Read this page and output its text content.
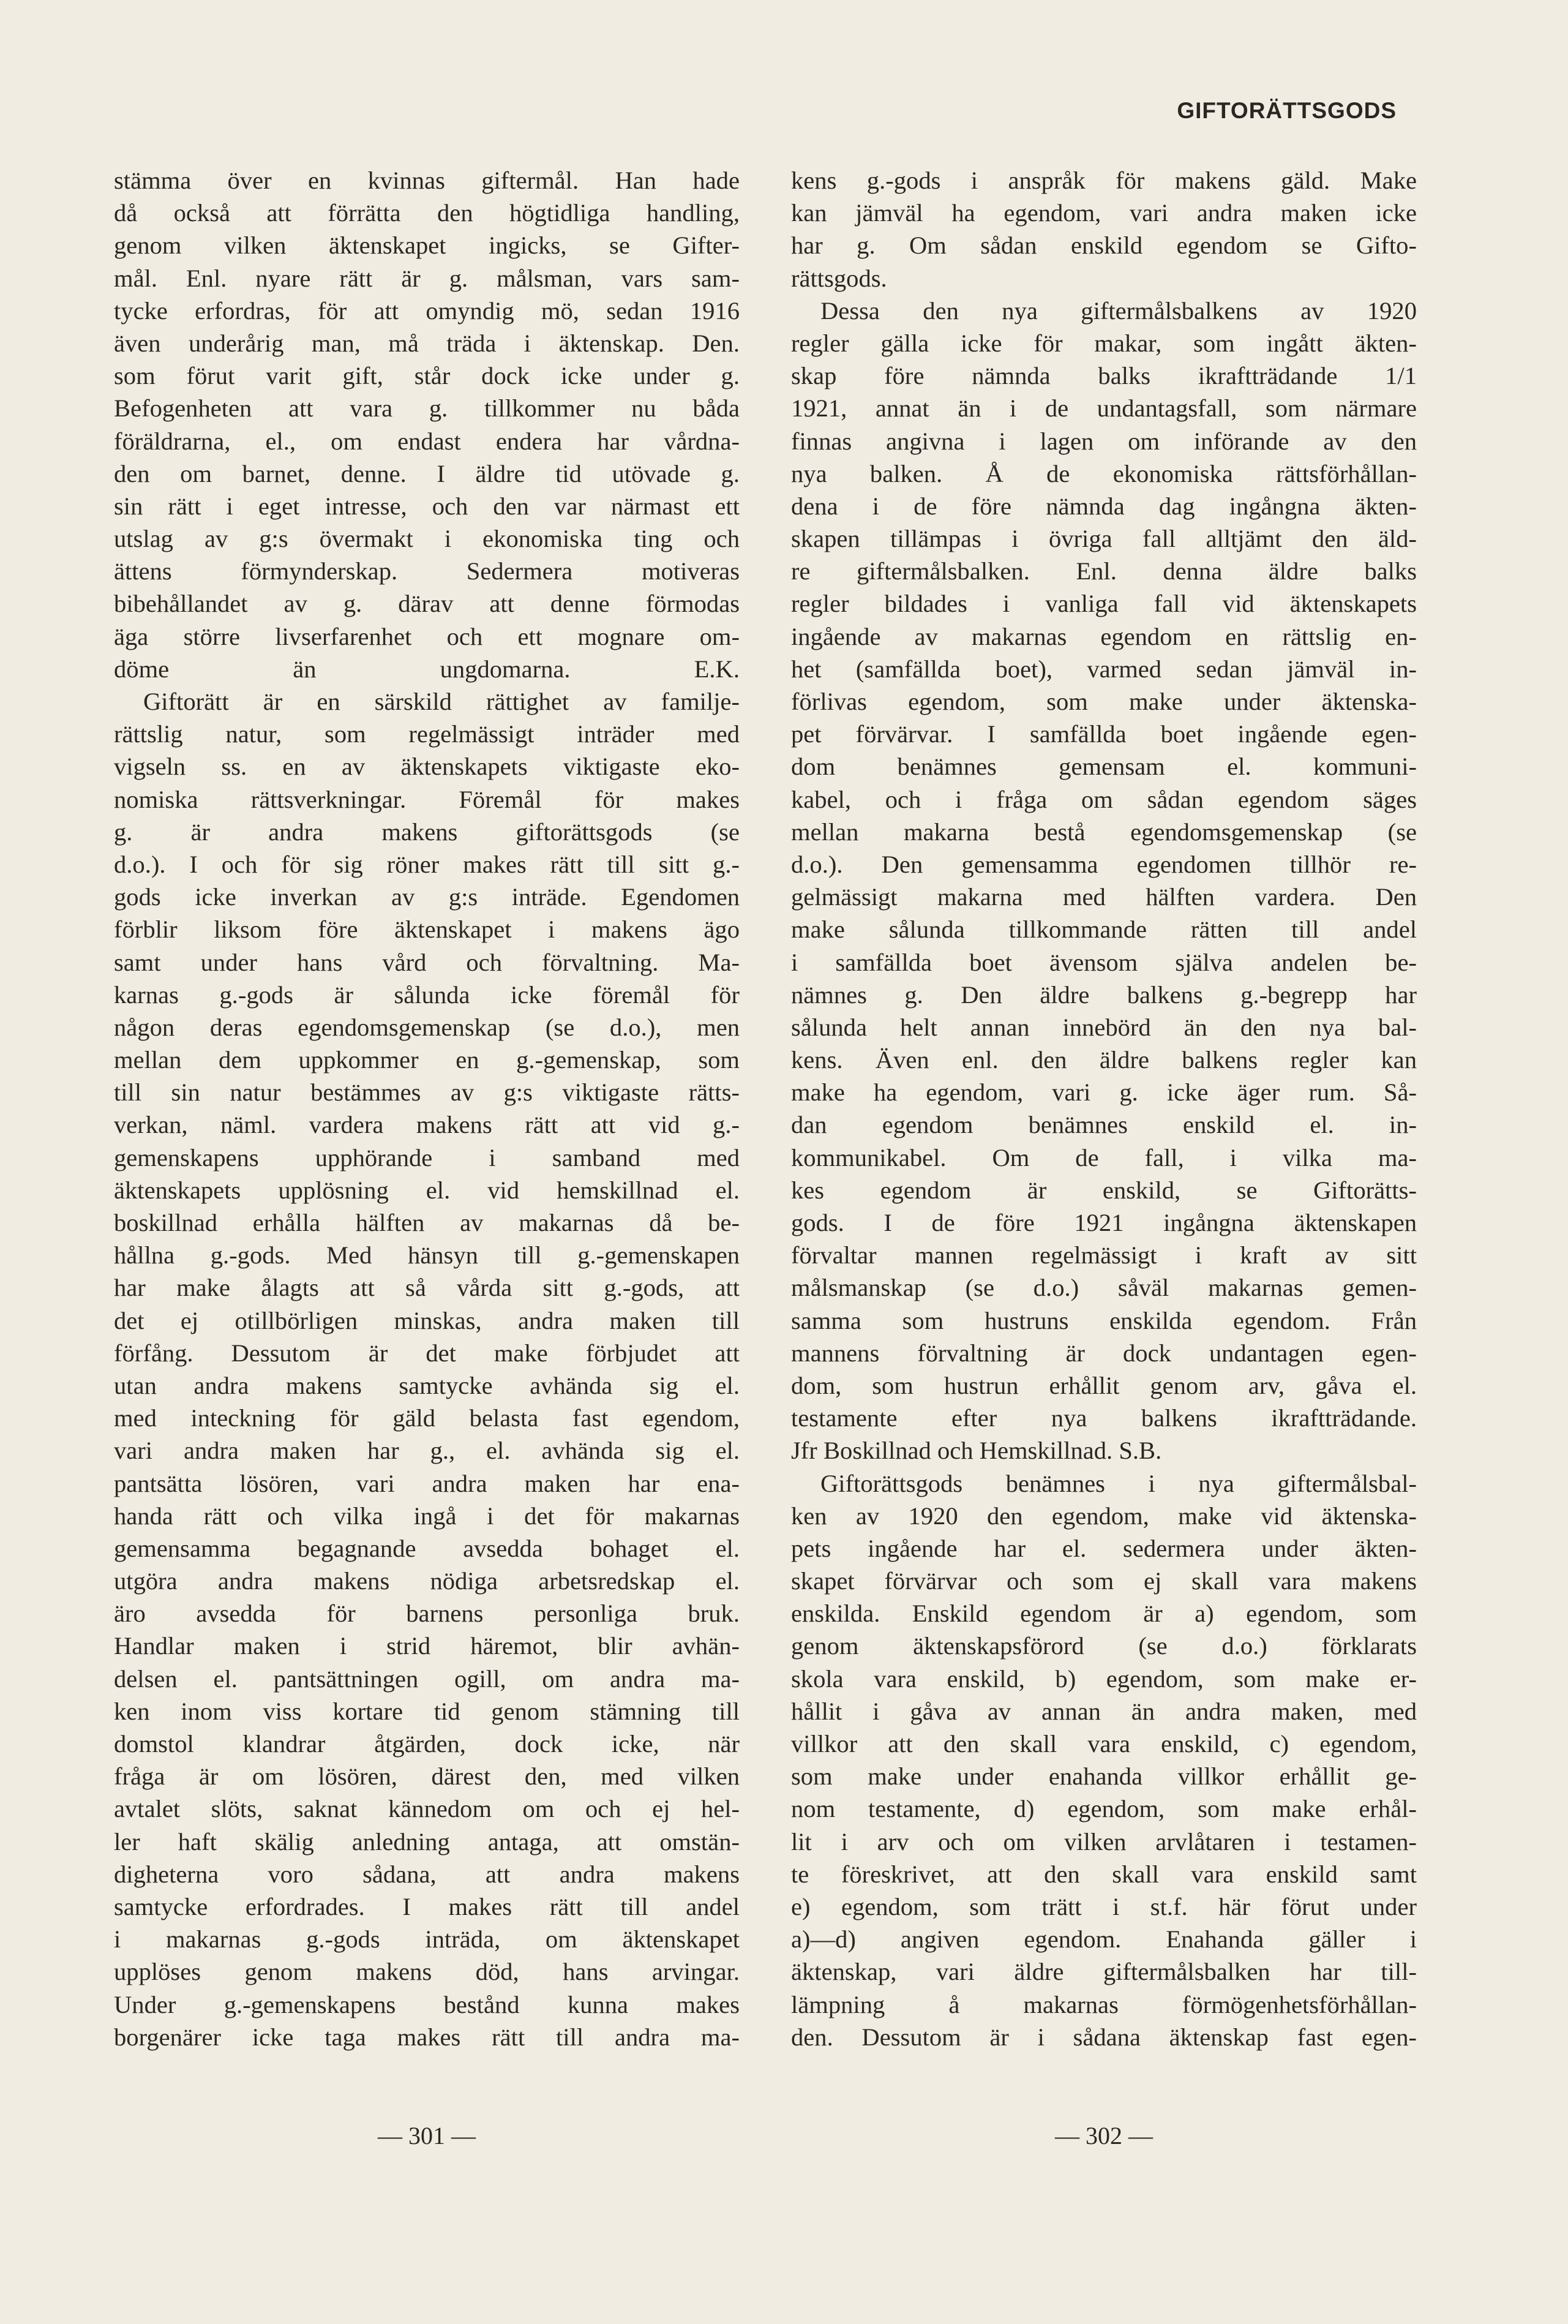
GIFTORÄTTSGODS
stämma över en kvinnas giftermål. Han hade
då också att förrätta den högtidliga handling,
genom vilken äktenskapet ingicks, se Gifter-
mål. Enl. nyare rätt är g. målsman, vars sam-
tycke erfordras, för att omyndig mö, sedan 1916
även underårig man, må träda i äktenskap. Den.
som förut varit gift, står dock icke under g.
Befogenheten att vara g. tillkommer nu båda
föräldrarna, el., om endast endera har vårdna-
den om barnet, denne. I äldre tid utövade g.
sin rätt i eget intresse, och den var närmast ett
utslag av g:s övermakt i ekonomiska ting och
ättens förmynderskap. Sedermera motiveras
bibehållandet av g. därav att denne förmodas
äga större livserfarenhet och ett mognare om-
döme än ungdomarna. E.K.
Giftorätt är en särskild rättighet av familje-
rättslig natur, som regelmässigt inträder med
vigseln ss. en av äktenskapets viktigaste eko-
nomiska rättsverkningar. Föremål för makes
g. är andra makens giftorättsgods (se
d.o.). I och för sig röner makes rätt till sitt g.-
gods icke inverkan av g:s inträde. Egendomen
förblir liksom före äktenskapet i makens ägo
samt under hans vård och förvaltning. Ma-
karnas g.-gods är sålunda icke föremål för
någon deras egendomsgemenskap (se d.o.), men
mellan dem uppkommer en g.-gemenskap, som
till sin natur bestämmes av g:s viktigaste rätts-
verkan, näml. vardera makens rätt att vid g.-
gemenskapens upphörande i samband med
äktenskapets upplösning el. vid hemskillnad el.
boskillnad erhålla hälften av makarnas då be-
hållna g.-gods. Med hänsyn till g.-gemenskapen
har make ålagts att så vårda sitt g.-gods, att
det ej otillbörligen minskas, andra maken till
förfång. Dessutom är det make förbjudet att
utan andra makens samtycke avhända sig el.
med inteckning för gäld belasta fast egendom,
vari andra maken har g., el. avhända sig el.
pantsätta lösören, vari andra maken har ena-
handa rätt och vilka ingå i det för makarnas
gemensamma begagnande avsedda bohaget el.
utgöra andra makens nödiga arbetsredskap el.
äro avsedda för barnens personliga bruk.
Handlar maken i strid häremot, blir avhän-
delsen el. pantsättningen ogill, om andra ma-
ken inom viss kortare tid genom stämning till
domstol klandrar åtgärden, dock icke, när
fråga är om lösören, därest den, med vilken
avtalet slöts, saknat kännedom om och ej hel-
ler haft skälig anledning antaga, att omstän-
digheterna voro sådana, att andra makens
samtycke erfordrades. I makes rätt till andel
i makarnas g.-gods inträda, om äktenskapet
upplöses genom makens död, hans arvingar.
Under g.-gemenskapens bestånd kunna makes
borgenärer icke taga makes rätt till andra ma-
kens g.-gods i anspråk för makens gäld. Make
kan jämväl ha egendom, vari andra maken icke
har g. Om sådan enskild egendom se Gifto-
rättsgods.
Dessa den nya giftermålsbalkens av 1920
regler gälla icke för makar, som ingått äkten-
skap före nämnda balks ikraftträdande 1/1
1921, annat än i de undantagsfall, som närmare
finnas angivna i lagen om införande av den
nya balken. Å de ekonomiska rättsförhållan-
dena i de före nämnda dag ingångna äkten-
skapen tillämpas i övriga fall alltjämt den äld-
re giftermålsbalken. Enl. denna äldre balks
regler bildades i vanliga fall vid äktenskapets
ingående av makarnas egendom en rättslig en-
het (samfällda boet), varmed sedan jämväl in-
förlivas egendom, som make under äktenska-
pet förvärvar. I samfällda boet ingående egen-
dom benämnes gemensam el. kommuni-
kabel, och i fråga om sådan egendom säges
mellan makarna bestå egendomsgemenskap (se
d.o.). Den gemensamma egendomen tillhör re-
gelmässigt makarna med hälften vardera. Den
make sålunda tillkommande rätten till andel
i samfällda boet ävensom själva andelen be-
nämnes g. Den äldre balkens g.-begrepp har
sålunda helt annan innebörd än den nya bal-
kens. Även enl. den äldre balkens regler kan
make ha egendom, vari g. icke äger rum. Så-
dan egendom benämnes enskild el. in-
kommunikabel. Om de fall, i vilka ma-
kes egendom är enskild, se Giftorätts-
gods. I de före 1921 ingångna äktenskapen
förvaltar mannen regelmässigt i kraft av sitt
målsmanskap (se d.o.) såväl makarnas gemen-
samma som hustruns enskilda egendom. Från
mannens förvaltning är dock undantagen egen-
dom, som hustrun erhållit genom arv, gåva el.
testamente efter nya balkens ikraftträdande.
Jfr Boskillnad och Hemskillnad. S.B.
Giftorättsgods benämnes i nya giftermålsbal-
ken av 1920 den egendom, make vid äktenska-
pets ingående har el. sedermera under äkten-
skapet förvärvar och som ej skall vara makens
enskilda. Enskild egendom är a) egendom, som
genom äktenskapsförord (se d.o.) förklarats
skola vara enskild, b) egendom, som make er-
hållit i gåva av annan än andra maken, med
villkor att den skall vara enskild, c) egendom,
som make under enahanda villkor erhållit ge-
nom testamente, d) egendom, som make erhål-
lit i arv och om vilken arvlåtaren i testamen-
te föreskrivet, att den skall vara enskild samt
e) egendom, som trätt i st.f. här förut under
a)—d) angiven egendom. Enahanda gäller i
äktenskap, vari äldre giftermålsbalken har till-
lämpning å makarnas förmögenhetsförhållan-
den. Dessutom är i sådana äktenskap fast egen-
— 301 —	— 302 —
